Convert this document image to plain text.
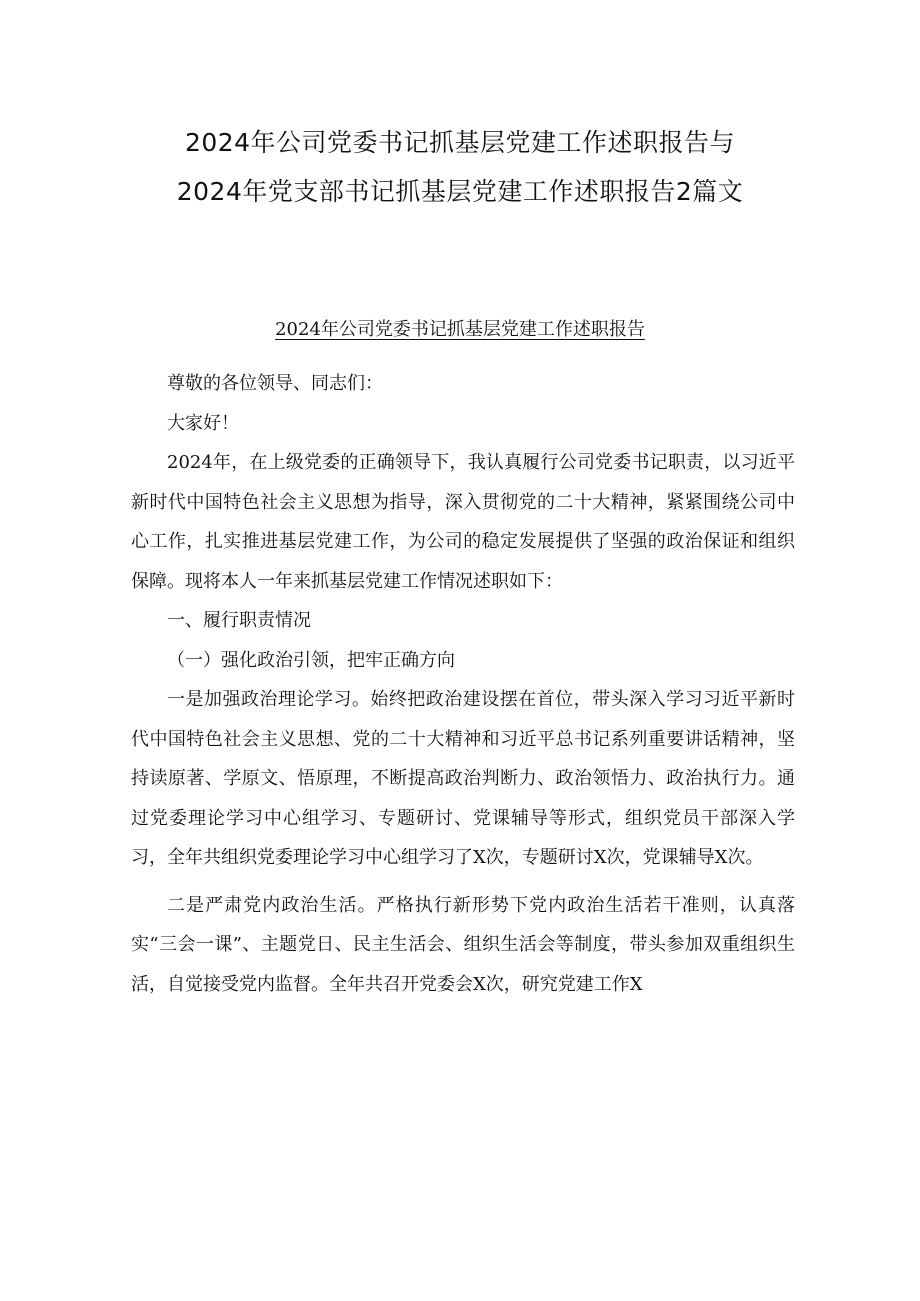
2024年公司党委书记抓基层党建工作述职报告与
2024年党支部书记抓基层党建工作述职报告2篇文
2024年公司党委书记抓基层党建工作述职报告

尊敬的各位领导、同志们：

大家好！

2024年，在上级党委的正确领导下，我认真履行公司党委书记职责，以习近平新时代中国特色社会主义思想为指导，深入贯彻党的二十大精神，紧紧围绕公司中心工作，扎实推进基层党建工作，为公司的稳定发展提供了坚强的政治保证和组织保障。现将本人一年来抓基层党建工作情况述职如下：

一、履行职责情况

（一）强化政治引领，把牢正确方向

一是加强政治理论学习。始终把政治建设摆在首位，带头深入学习习近平新时代中国特色社会主义思想、党的二十大精神和习近平总书记系列重要讲话精神，坚持读原著、学原文、悟原理，不断提高政治判断力、政治领悟力、政治执行力。通过党委理论学习中心组学习、专题研讨、党课辅导等形式，组织党员干部深入学习，全年共组织党委理论学习中心组学习了X次，专题研讨X次，党课辅导X次。

二是严肃党内政治生活。严格执行新形势下党内政治生活若干准则，认真落实“三会一课”、主题党日、民主生活会、组织生活会等制度，带头参加双重组织生活，自觉接受党内监督。全年共召开党委会X次，研究党建工作X
